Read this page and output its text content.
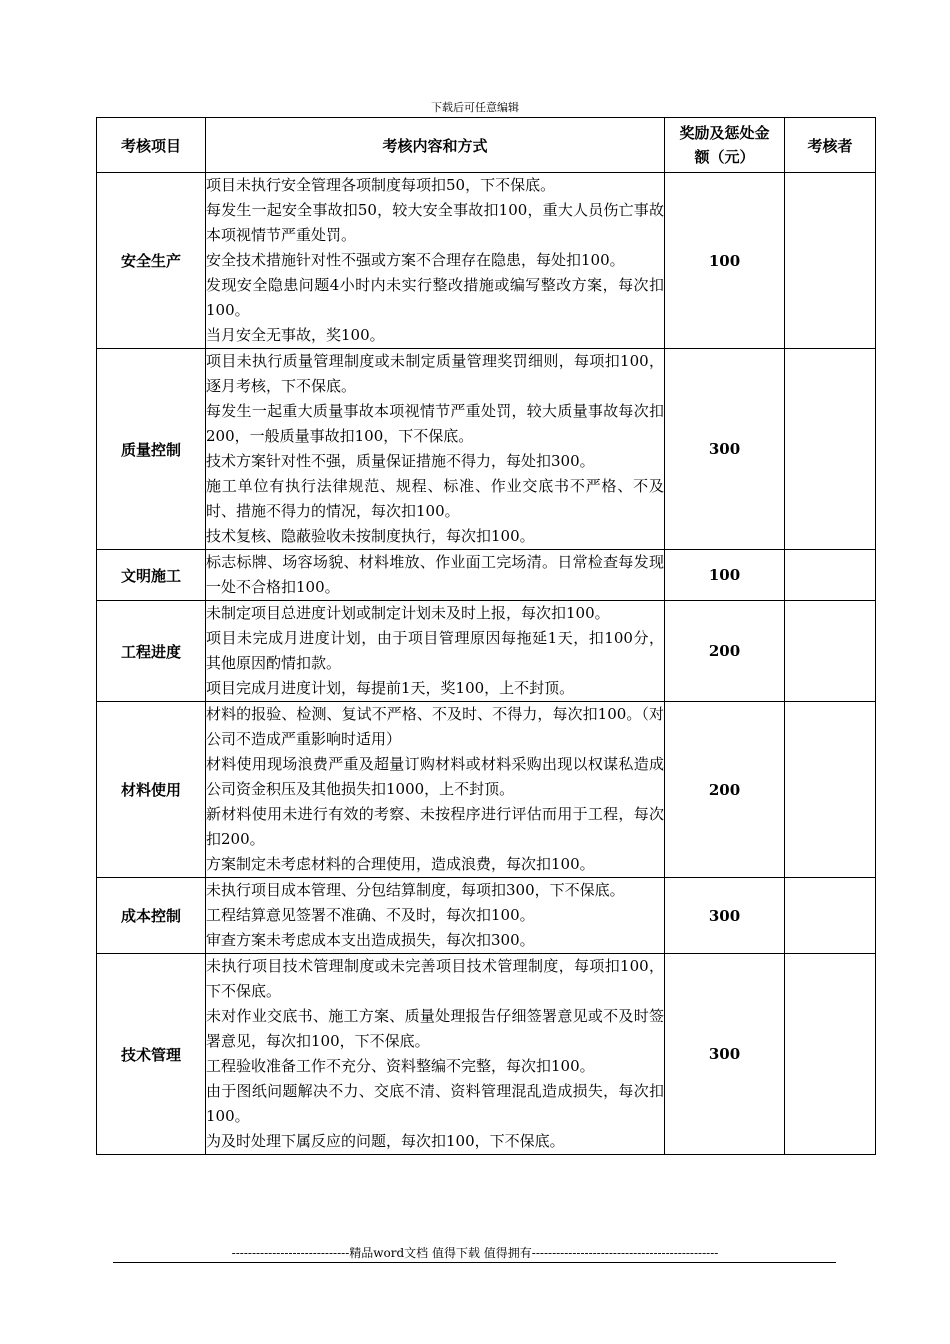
下载后可任意编辑
考核项目	考核内容和方式	奖励及惩处金额（元）	考核者
安全生产	项目未执行安全管理各项制度每项扣50，下不保底。

每发生一起安全事故扣50，较大安全事故扣100，重大人员伤亡事故本项视情节严重处罚。

安全技术措施针对性不强或方案不合理存在隐患，每处扣100。

发现安全隐患问题4小时内未实行整改措施或编写整改方案，每次扣100。

当月安全无事故，奖100。	100	
质量控制	项目未执行质量管理制度或未制定质量管理奖罚细则，每项扣100，逐月考核，下不保底。

每发生一起重大质量事故本项视情节严重处罚，较大质量事故每次扣200，一般质量事故扣100，下不保底。

技术方案针对性不强，质量保证措施不得力，每处扣300。

施工单位有执行法律规范、规程、标准、作业交底书不严格、不及时、措施不得力的情况，每次扣100。

技术复核、隐蔽验收未按制度执行，每次扣100。	300	
文明施工	标志标牌、场容场貌、材料堆放、作业面工完场清。日常检查每发现一处不合格扣100。	100	
工程进度	未制定项目总进度计划或制定计划未及时上报，每次扣100。

项目未完成月进度计划，由于项目管理原因每拖延1天，扣100分，其他原因酌情扣款。

项目完成月进度计划，每提前1天，奖100，上不封顶。	200	
材料使用	材料的报验、检测、复试不严格、不及时、不得力，每次扣100。（对公司不造成严重影响时适用）

材料使用现场浪费严重及超量订购材料或材料采购出现以权谋私造成公司资金积压及其他损失扣1000，上不封顶。

新材料使用未进行有效的考察、未按程序进行评估而用于工程，每次扣200。

方案制定未考虑材料的合理使用，造成浪费，每次扣100。	200	
成本控制	未执行项目成本管理、分包结算制度，每项扣300，下不保底。

工程结算意见签署不准确、不及时，每次扣100。

审查方案未考虑成本支出造成损失，每次扣300。	300	
技术管理	未执行项目技术管理制度或未完善项目技术管理制度，每项扣100，下不保底。

未对作业交底书、施工方案、质量处理报告仔细签署意见或不及时签署意见，每次扣100，下不保底。

工程验收准备工作不充分、资料整编不完整，每次扣100。

由于图纸问题解决不力、交底不清、资料管理混乱造成损失，每次扣100。

为及时处理下属反应的问题，每次扣100，下不保底。	300	
-----------------------------精品word文档 值得下载 值得拥有----------------------------------------------
